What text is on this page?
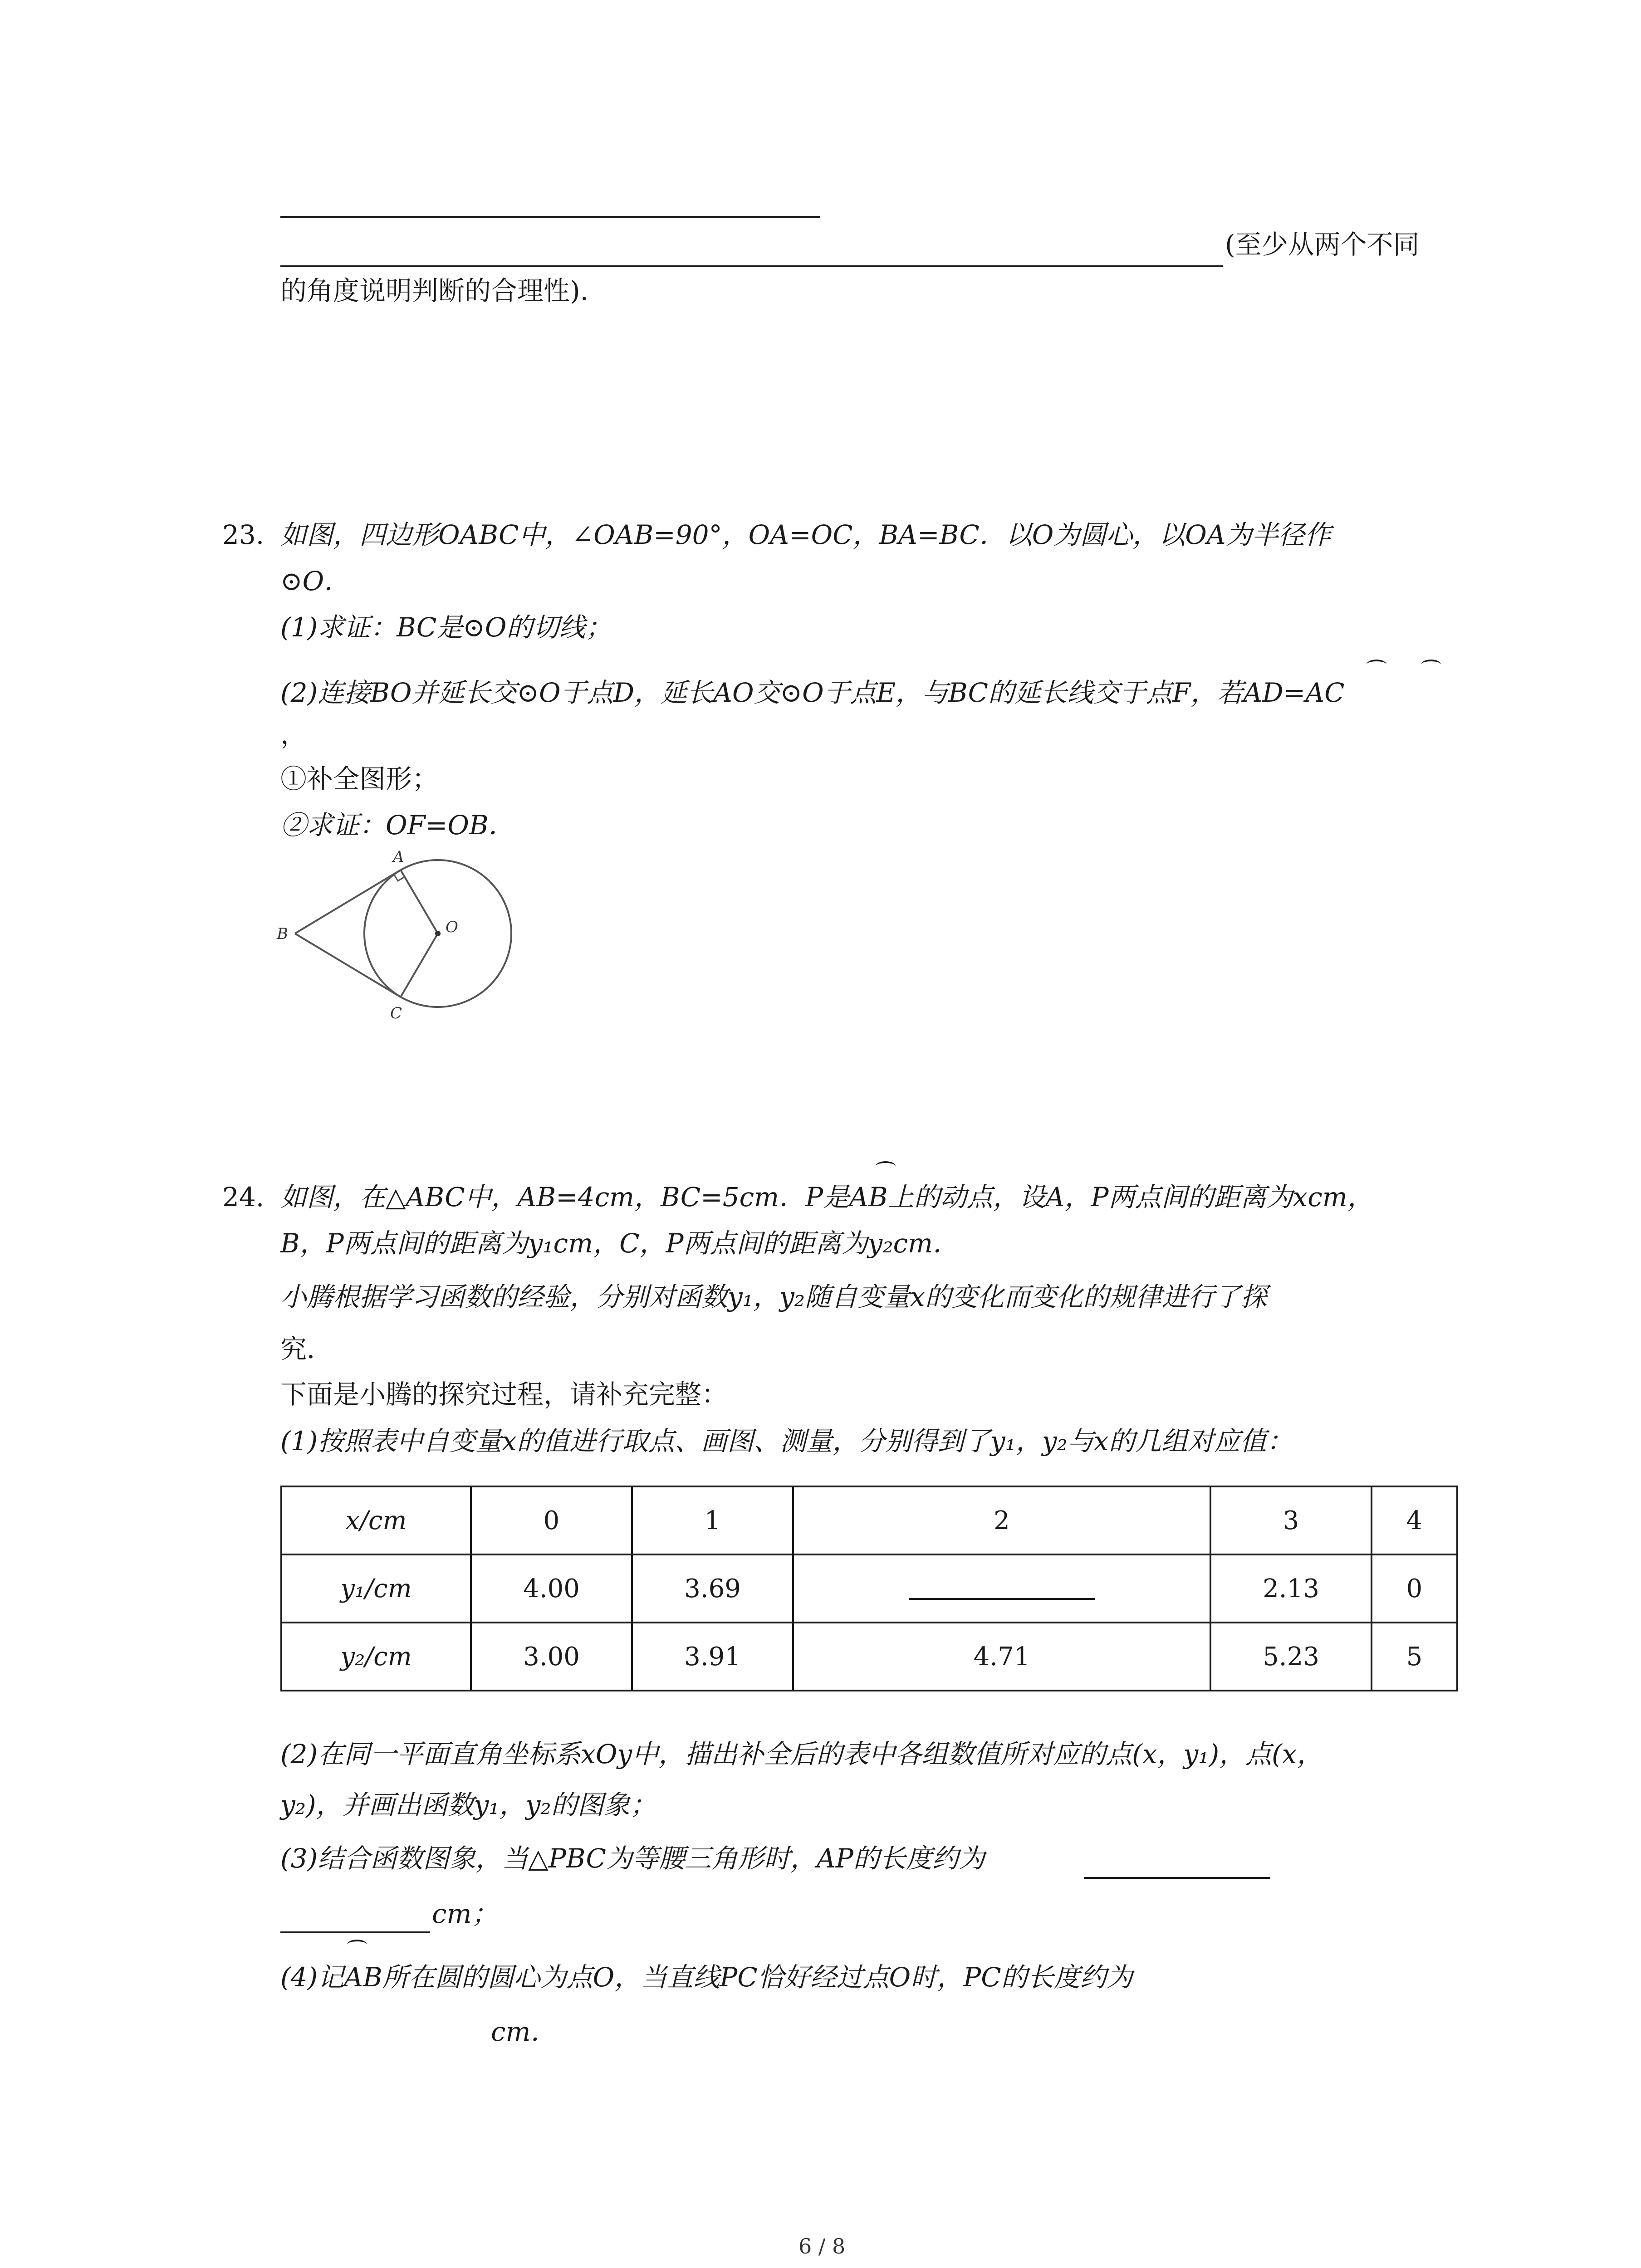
(至少从两个不同
的角度说明判断的合理性).
23. 如图，四边形OABC中，∠OAB=90°，OA=OC，BA=BC．以O为圆心，以OA为半径作
⊙O．
(1)求证：BC是⊙O的切线；
(2)连接BO并延长交⊙O于点D，延长AO交⊙O于点E，与BC的延长线交于点F，若AD=AC
，
①补全图形；
②求证：OF=OB．
A
B
C
O
24. 如图，在△ABC中，AB=4cm，BC=5cm．P是AB上的动点，设A，P两点间的距离为xcm，
B，P两点间的距离为y₁cm，C，P两点间的距离为y₂cm．
小腾根据学习函数的经验，分别对函数y₁，y₂随自变量x的变化而变化的规律进行了探
究．
下面是小腾的探究过程，请补充完整：
(1)按照表中自变量x的值进行取点、画图、测量，分别得到了y₁，y₂与x的几组对应值：
x/cm	0	1	2	3	4
y₁/cm	4.00	3.69		2.13	0
y₂/cm	3.00	3.91	4.71	5.23	5
(2)在同一平面直角坐标系xOy中，描出补全后的表中各组数值所对应的点(x，y₁)，点(x，
y₂)，并画出函数y₁，y₂的图象；
(3)结合函数图象，当△PBC为等腰三角形时，AP的长度约为
cm；
(4)记AB所在圆的圆心为点O，当直线PC恰好经过点O时，PC的长度约为
cm．
6 / 8
